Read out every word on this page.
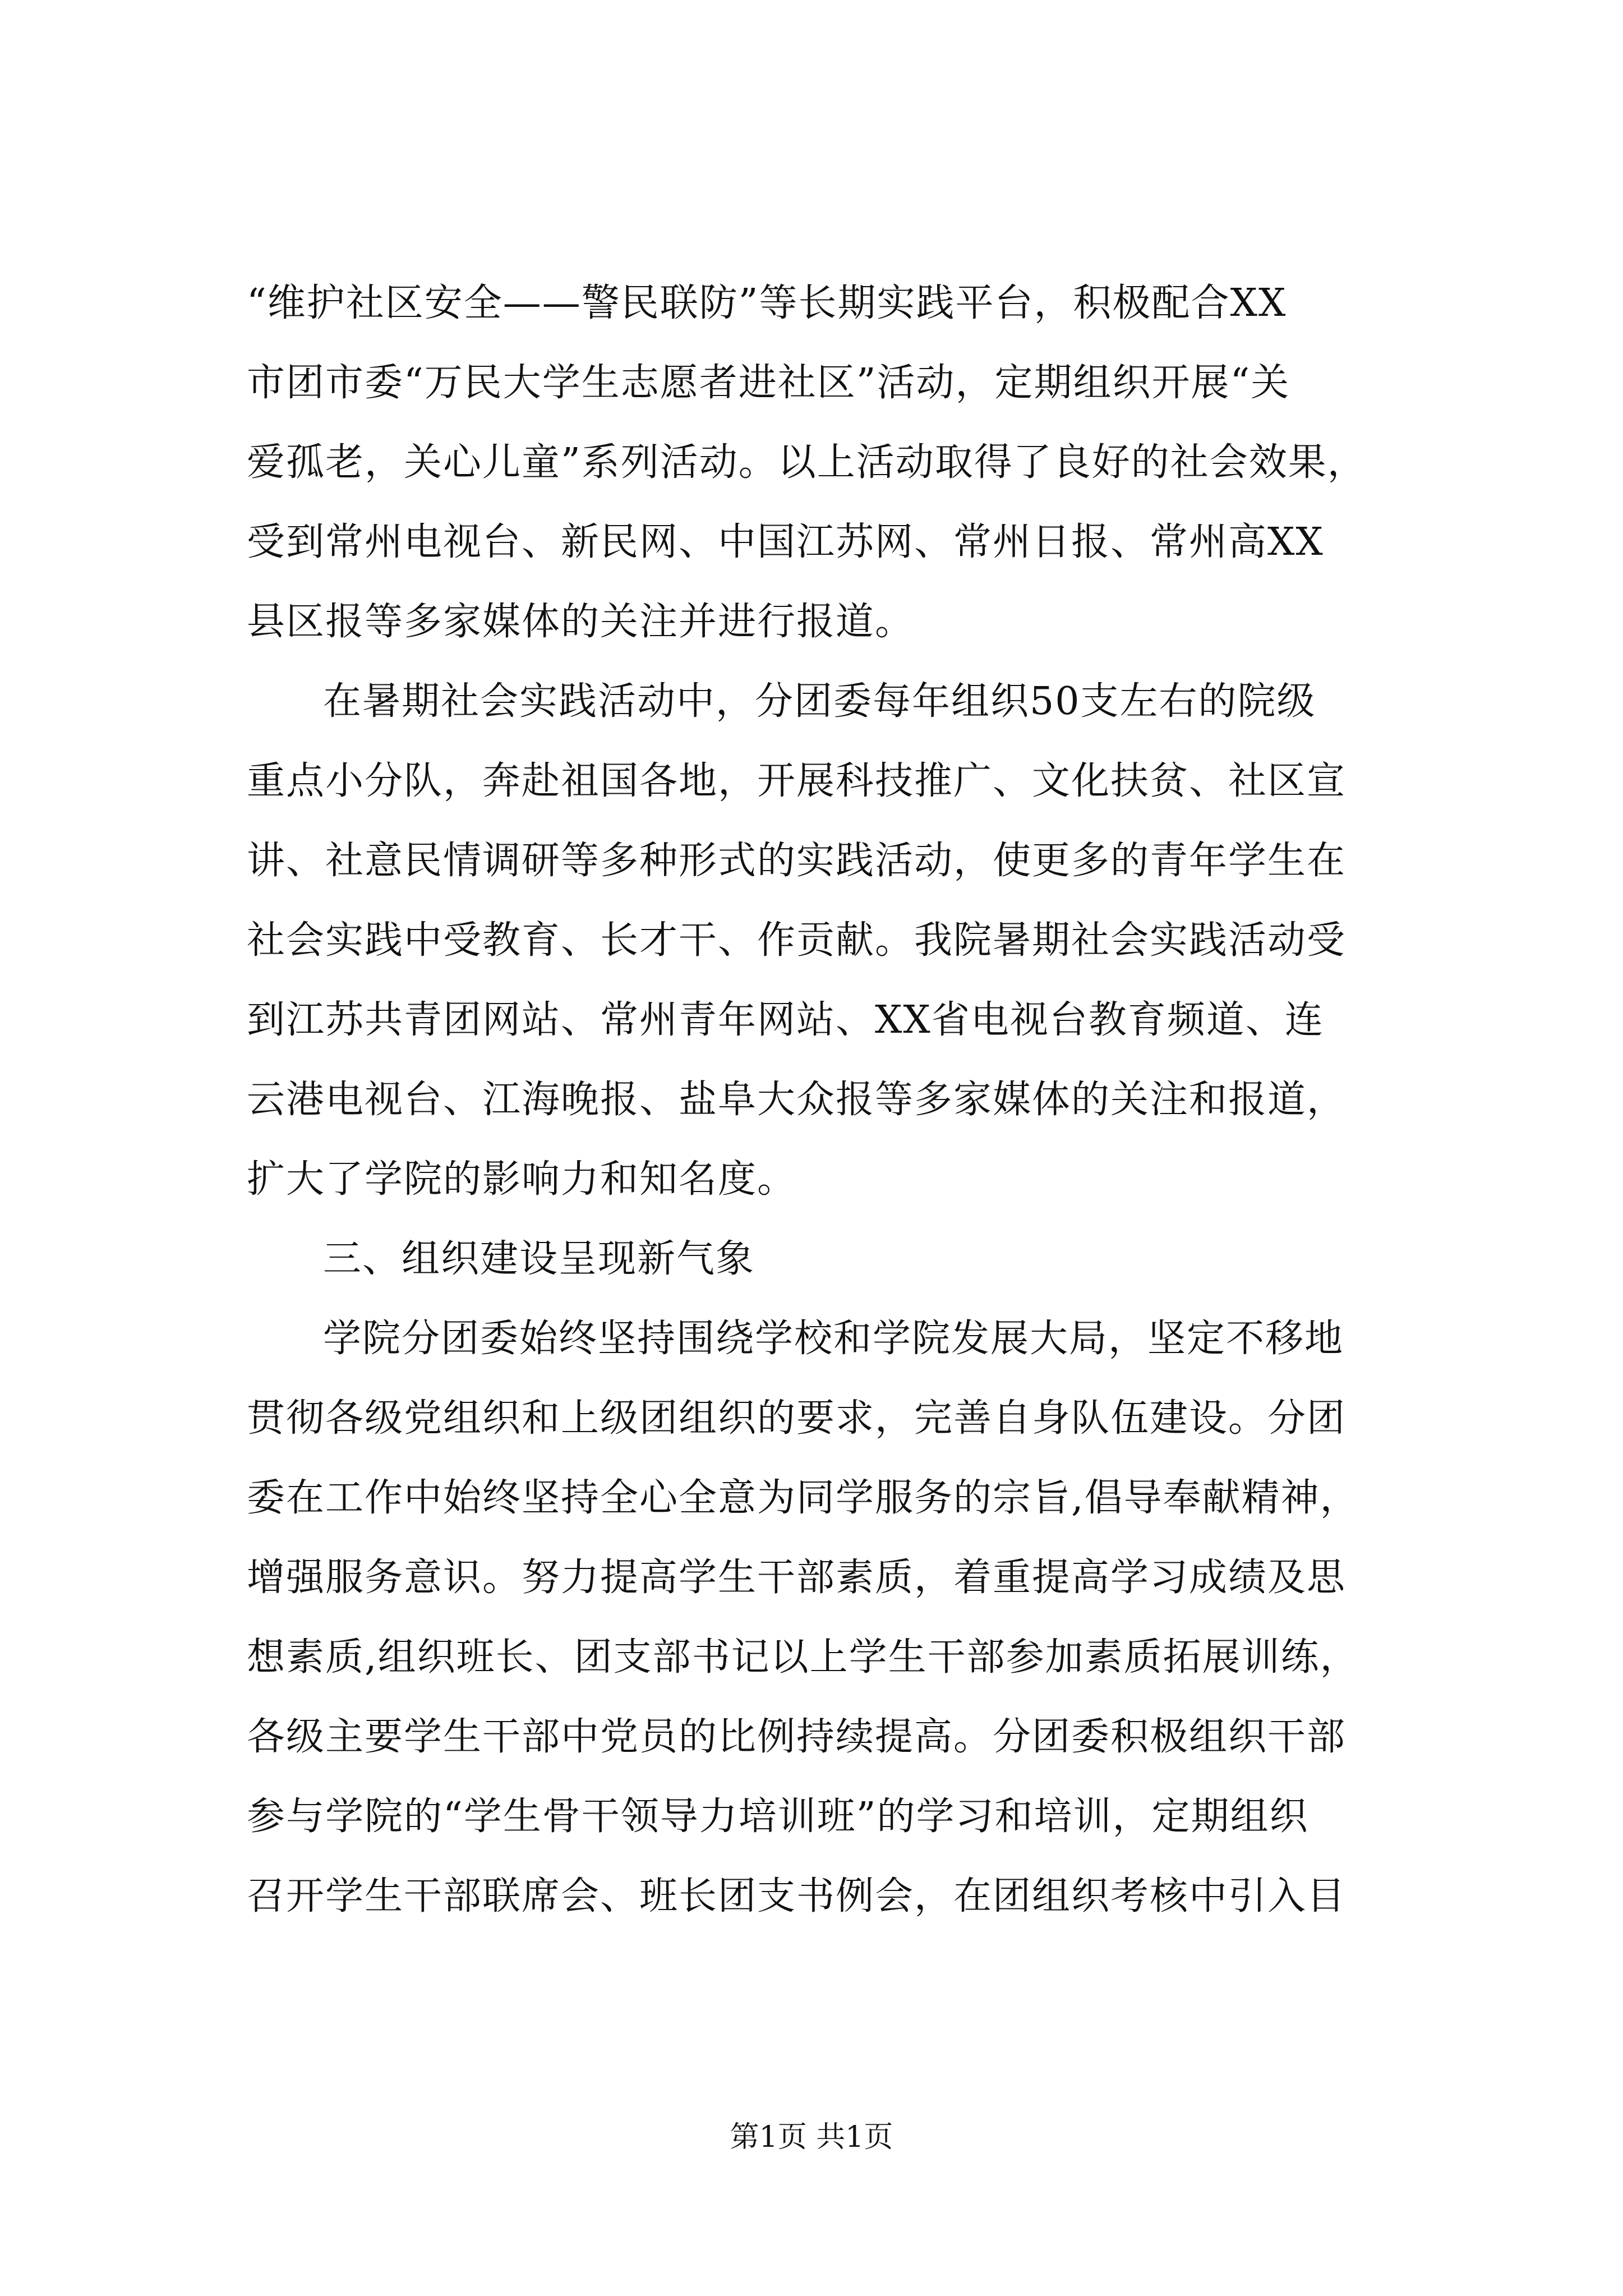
“维护社区安全——警民联防”等长期实践平台，积极配合XX
市团市委“万民大学生志愿者进社区”活动，定期组织开展“关
爱孤老，关心儿童”系列活动。以上活动取得了良好的社会效果，
受到常州电视台、新民网、中国江苏网、常州日报、常州高XX
县区报等多家媒体的关注并进行报道。
在暑期社会实践活动中，分团委每年组织50支左右的院级
重点小分队，奔赴祖国各地，开展科技推广、文化扶贫、社区宣
讲、社意民情调研等多种形式的实践活动，使更多的青年学生在
社会实践中受教育、长才干、作贡献。我院暑期社会实践活动受
到江苏共青团网站、常州青年网站、XX省电视台教育频道、连
云港电视台、江海晚报、盐阜大众报等多家媒体的关注和报道，
扩大了学院的影响力和知名度。
三、组织建设呈现新气象
学院分团委始终坚持围绕学校和学院发展大局，坚定不移地
贯彻各级党组织和上级团组织的要求，完善自身队伍建设。分团
委在工作中始终坚持全心全意为同学服务的宗旨,倡导奉献精神，
增强服务意识。努力提高学生干部素质，着重提高学习成绩及思
想素质,组织班长、团支部书记以上学生干部参加素质拓展训练，
各级主要学生干部中党员的比例持续提高。分团委积极组织干部
参与学院的“学生骨干领导力培训班”的学习和培训，定期组织
召开学生干部联席会、班长团支书例会，在团组织考核中引入目
第1页 共1页
